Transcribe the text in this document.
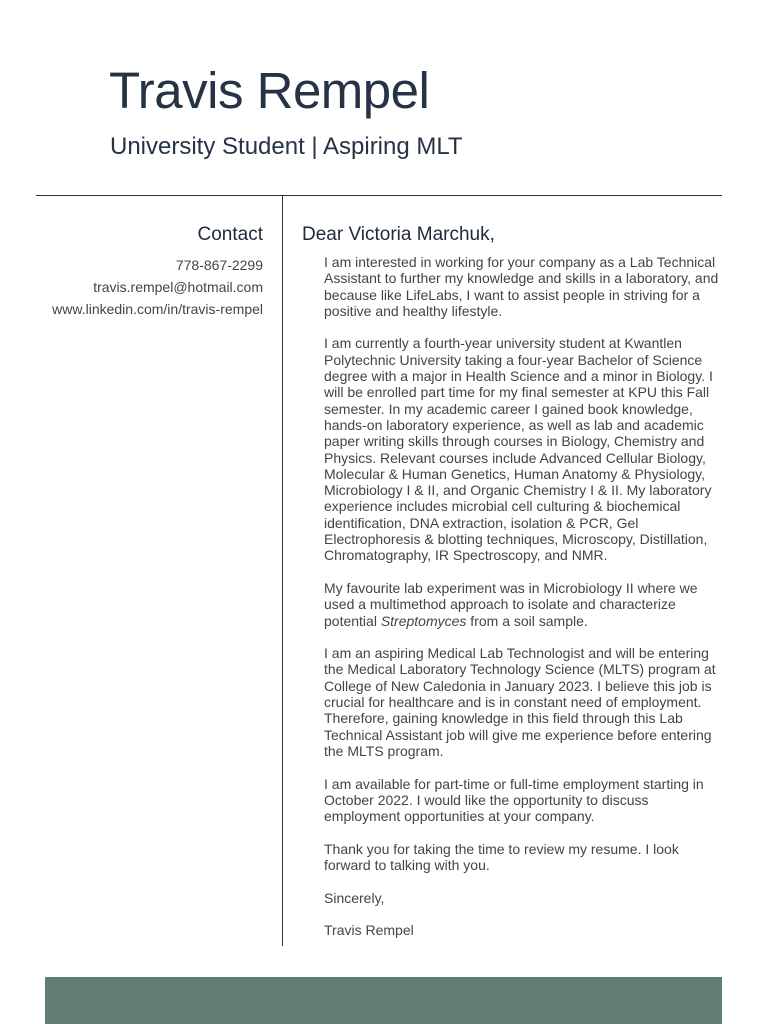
Travis Rempel
University Student | Aspiring MLT
Contact
778-867-2299
travis.rempel@hotmail.com
www.linkedin.com/in/travis-rempel
Dear Victoria Marchuk,

I am interested in working for your company as a Lab Technical Assistant to further my knowledge and skills in a laboratory, and because like LifeLabs, I want to assist people in striving for a positive and healthy lifestyle.

I am currently a fourth-year university student at Kwantlen Polytechnic University taking a four-year Bachelor of Science degree with a major in Health Science and a minor in Biology. I will be enrolled part time for my final semester at KPU this Fall semester. In my academic career I gained book knowledge, hands-on laboratory experience, as well as lab and academic paper writing skills through courses in Biology, Chemistry and Physics. Relevant courses include Advanced Cellular Biology, Molecular & Human Genetics, Human Anatomy & Physiology, Microbiology I & II, and Organic Chemistry I & II. My laboratory experience includes microbial cell culturing & biochemical identification, DNA extraction, isolation & PCR, Gel Electrophoresis & blotting techniques, Microscopy, Distillation, Chromatography, IR Spectroscopy, and NMR.

My favourite lab experiment was in Microbiology II where we used a multimethod approach to isolate and characterize potential Streptomyces from a soil sample.

I am an aspiring Medical Lab Technologist and will be entering the Medical Laboratory Technology Science (MLTS) program at College of New Caledonia in January 2023. I believe this job is crucial for healthcare and is in constant need of employment. Therefore, gaining knowledge in this field through this Lab Technical Assistant job will give me experience before entering the MLTS program.

I am available for part-time or full-time employment starting in October 2022. I would like the opportunity to discuss employment opportunities at your company.

Thank you for taking the time to review my resume. I look forward to talking with you.

Sincerely,

Travis Rempel
